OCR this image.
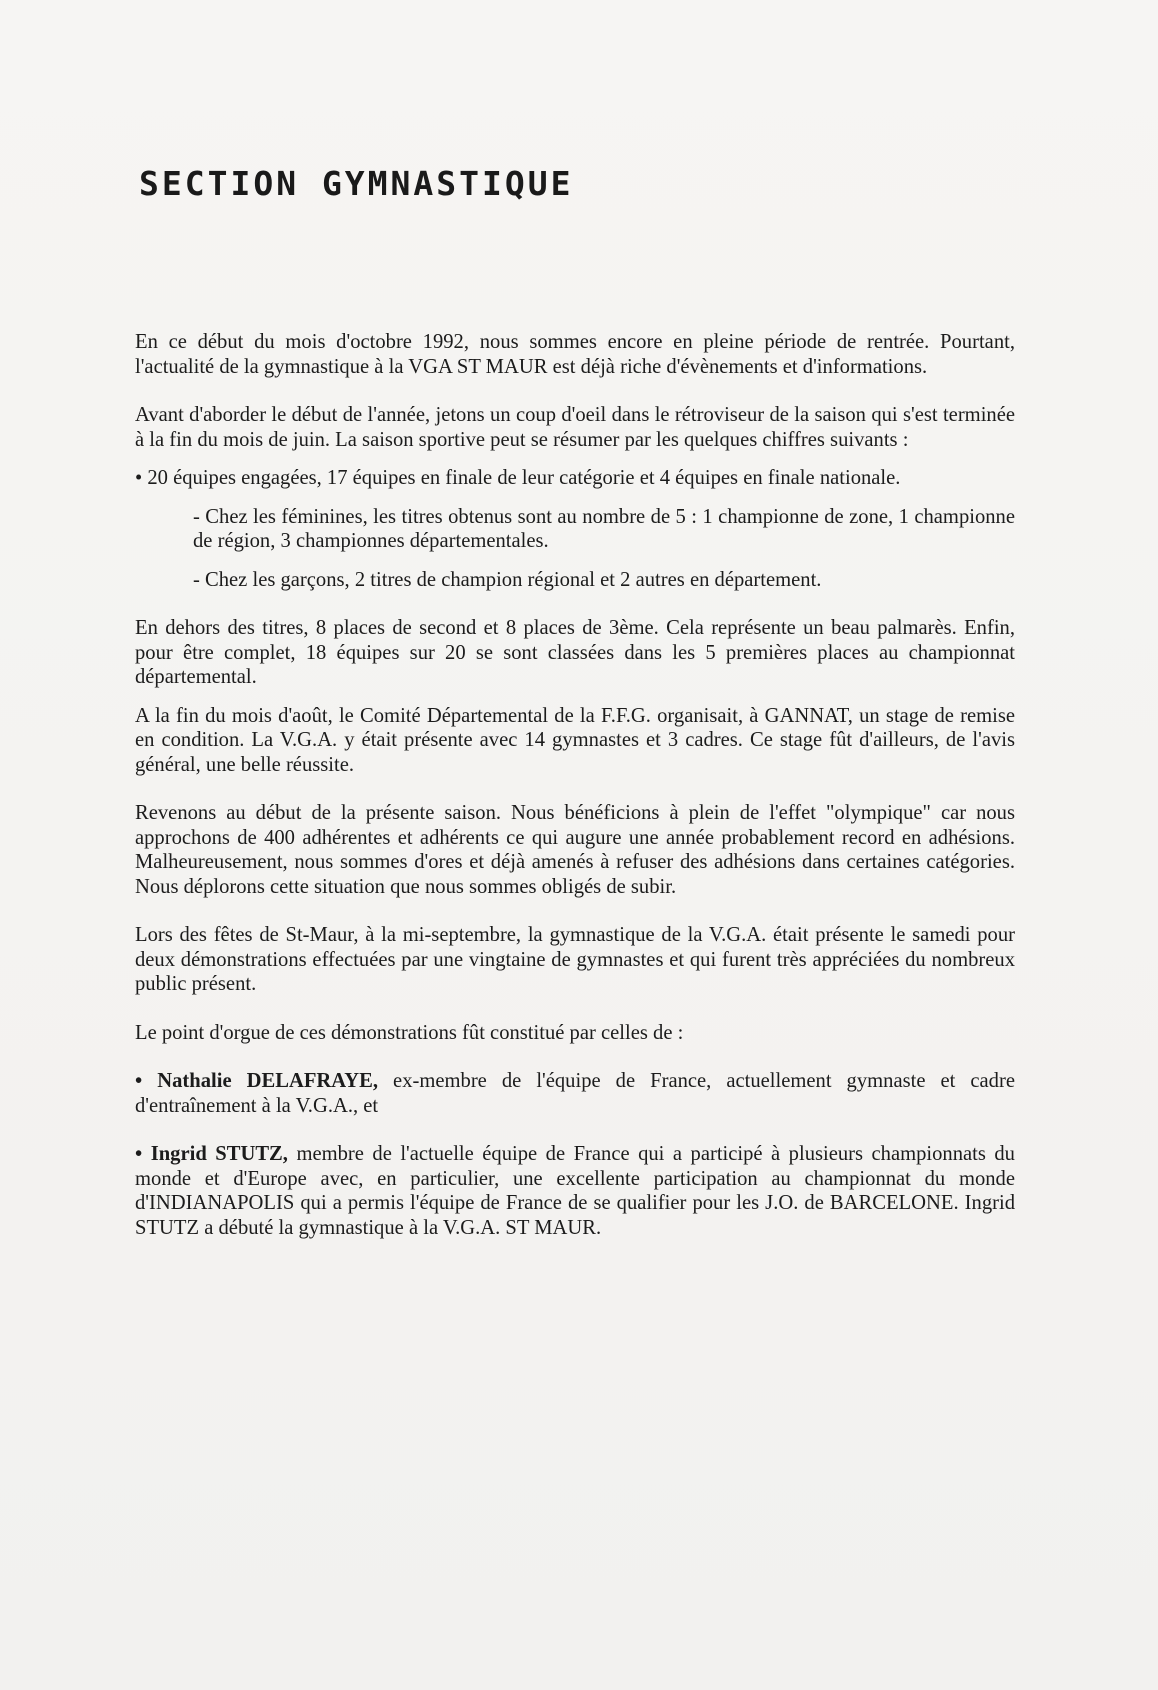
SECTION GYMNASTIQUE

En ce début du mois d'octobre 1992, nous sommes encore en pleine période de rentrée. Pourtant, l'actualité de la gymnastique à la VGA ST MAUR est déjà riche d'évènements et d'informations.

Avant d'aborder le début de l'année, jetons un coup d'oeil dans le rétroviseur de la saison qui s'est terminée à la fin du mois de juin. La saison sportive peut se résumer par les quelques chiffres suivants :

• 20 équipes engagées, 17 équipes en finale de leur catégorie et 4 équipes en finale nationale.

- Chez les féminines, les titres obtenus sont au nombre de 5 : 1 championne de zone, 1 championne de région, 3 championnes départementales.

- Chez les garçons, 2 titres de champion régional et 2 autres en département.

En dehors des titres, 8 places de second et 8 places de 3ème. Cela représente un beau palmarès. Enfin, pour être complet, 18 équipes sur 20 se sont classées dans les 5 premières places au championnat départemental.

A la fin du mois d'août, le Comité Départemental de la F.F.G. organisait, à GANNAT, un stage de remise en condition. La V.G.A. y était présente avec 14 gymnastes et 3 cadres. Ce stage fût d'ailleurs, de l'avis général, une belle réussite.

Revenons au début de la présente saison. Nous bénéficions à plein de l'effet "olympique" car nous approchons de 400 adhérentes et adhérents ce qui augure une année probablement record en adhésions. Malheureusement, nous sommes d'ores et déjà amenés à refuser des adhésions dans certaines catégories. Nous déplorons cette situation que nous sommes obligés de subir.

Lors des fêtes de St-Maur, à la mi-septembre, la gymnastique de la V.G.A. était présente le samedi pour deux démonstrations effectuées par une vingtaine de gymnastes et qui furent très appréciées du nombreux public présent.

Le point d'orgue de ces démonstrations fût constitué par celles de :

• Nathalie DELAFRAYE, ex-membre de l'équipe de France, actuellement gymnaste et cadre d'entraînement à la V.G.A., et

• Ingrid STUTZ, membre de l'actuelle équipe de France qui a participé à plusieurs championnats du monde et d'Europe avec, en particulier, une excellente participation au championnat du monde d'INDIANAPOLIS qui a permis l'équipe de France de se qualifier pour les J.O. de BARCELONE. Ingrid STUTZ a débuté la gymnastique à la V.G.A. ST MAUR.
